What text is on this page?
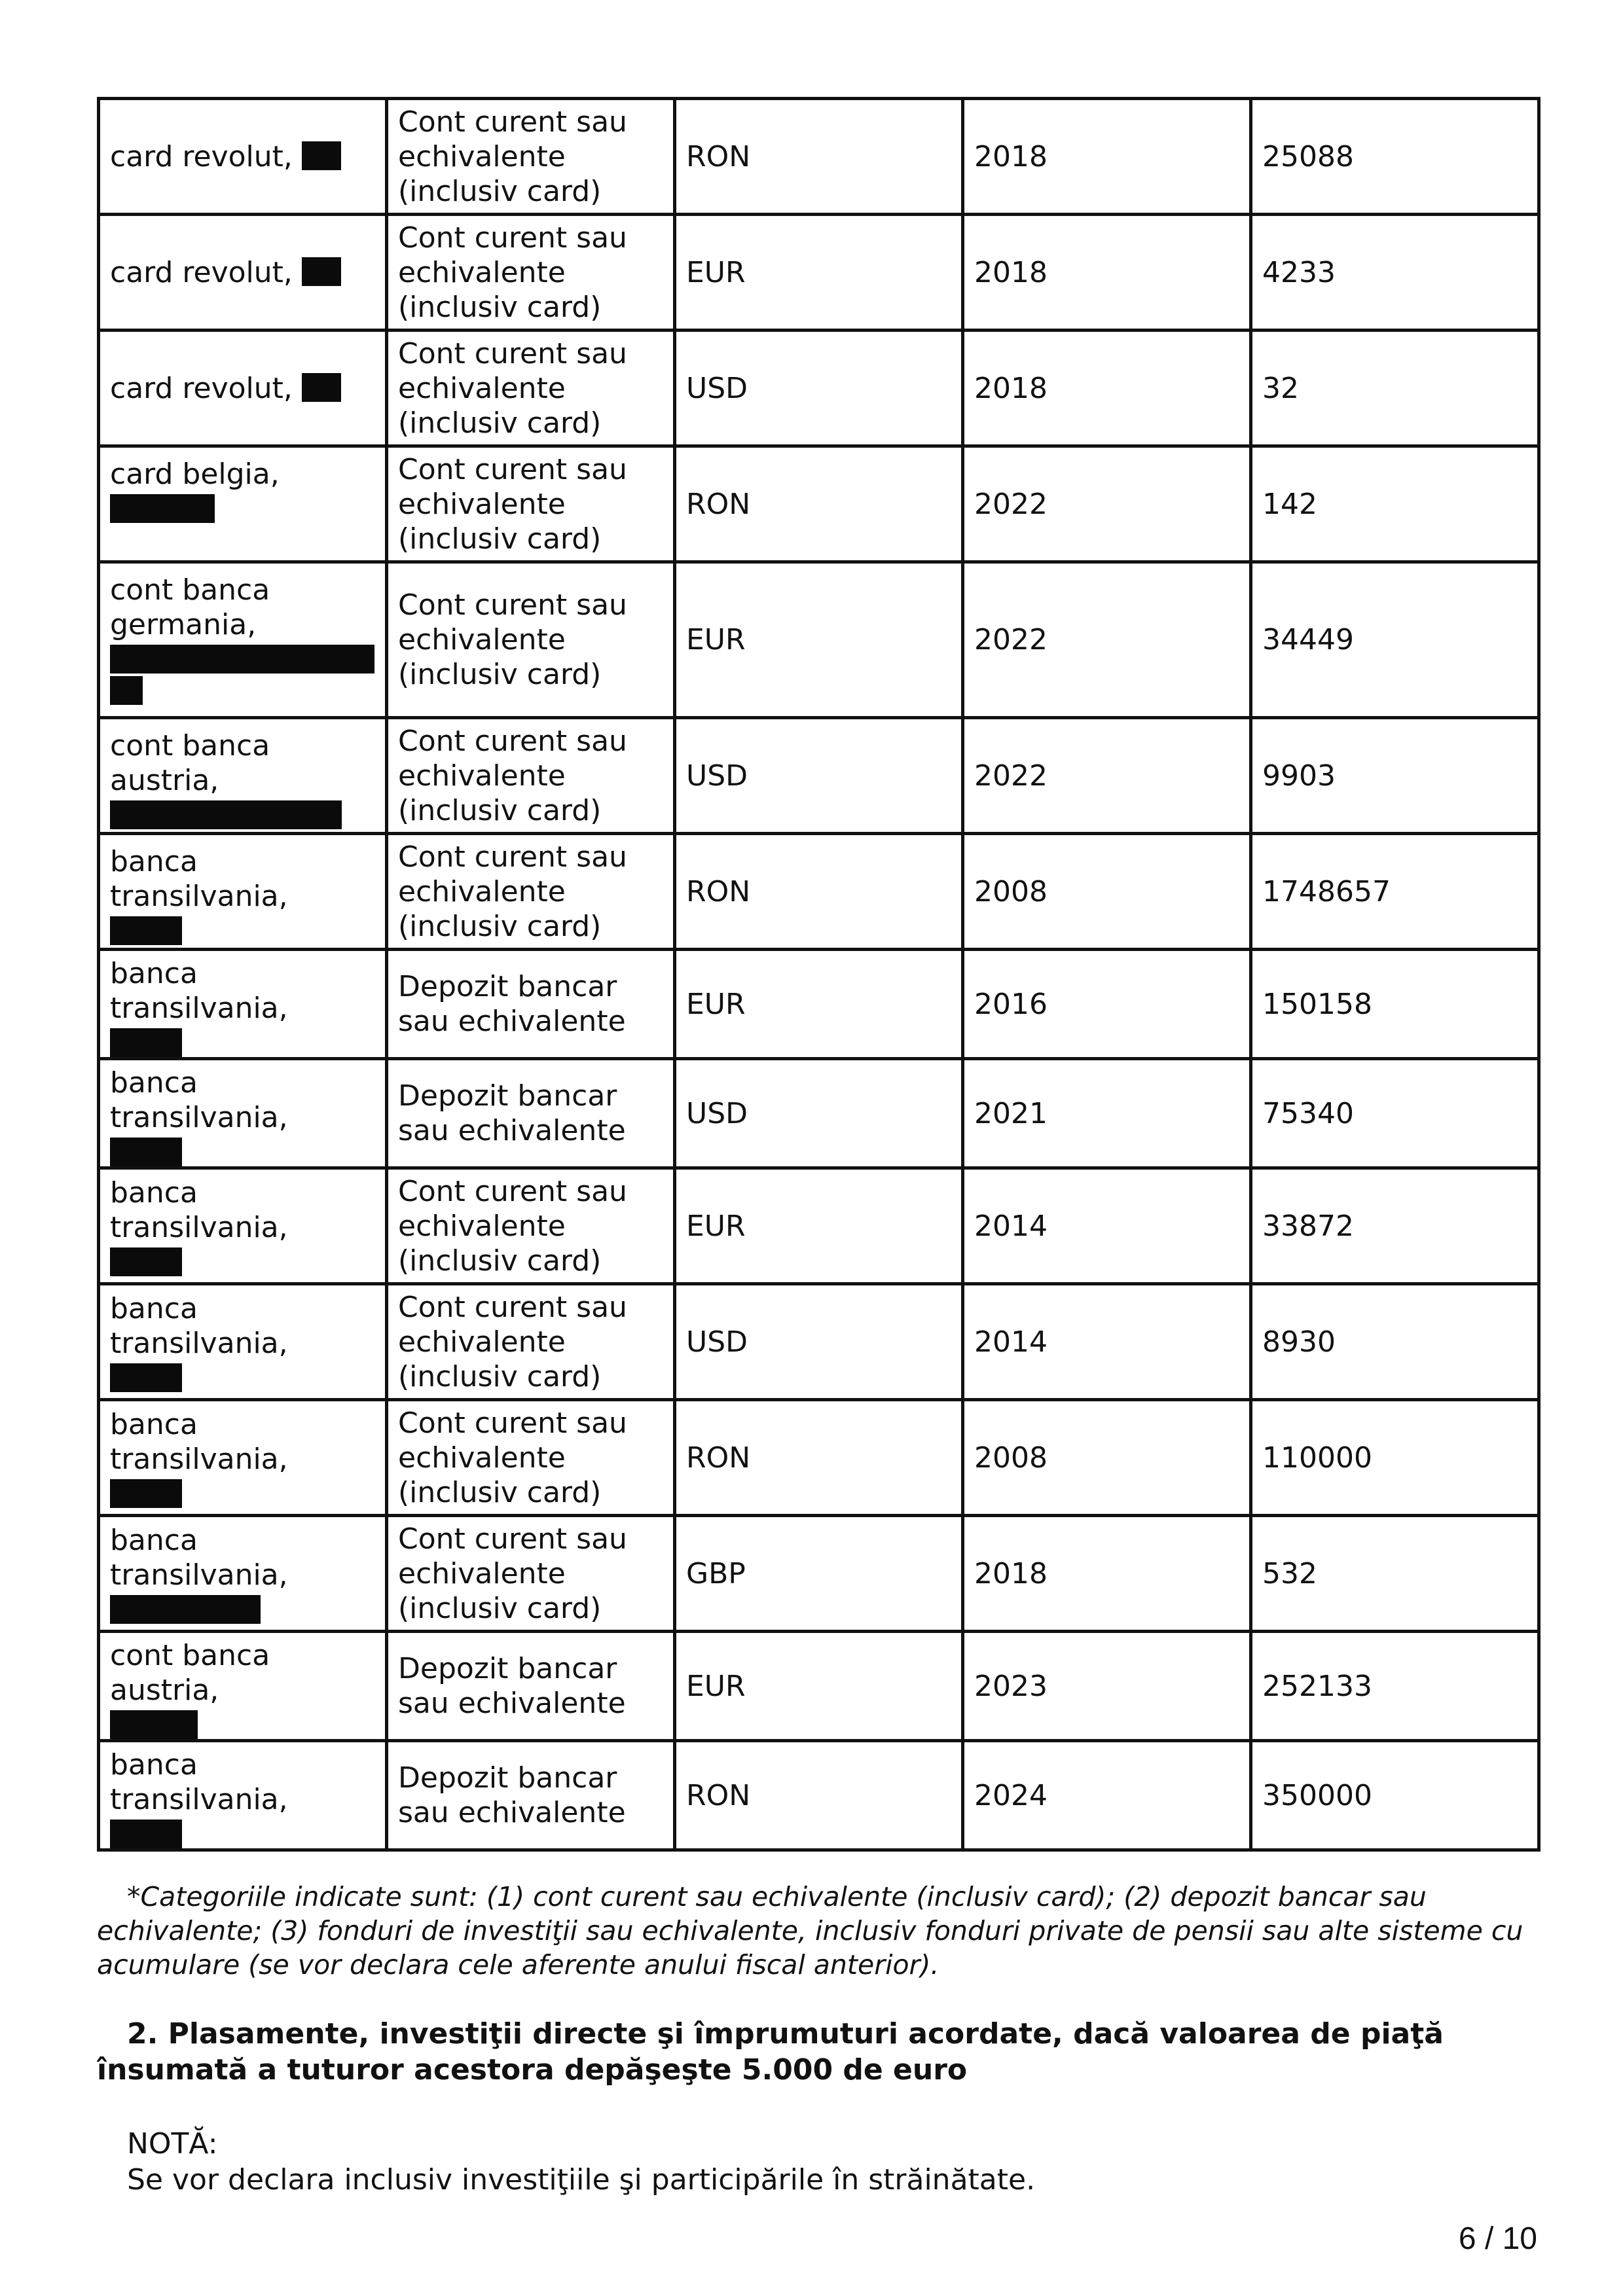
card revolut,	Cont curent sau echivalente (inclusiv card)	RON	2018	25088
card revolut,	Cont curent sau echivalente (inclusiv card)	EUR	2018	4233
card revolut,	Cont curent sau echivalente (inclusiv card)	USD	2018	32
card belgia,	Cont curent sau echivalente (inclusiv card)	RON	2022	142
cont banca germania,	Cont curent sau echivalente (inclusiv card)	EUR	2022	34449
cont banca austria,	Cont curent sau echivalente (inclusiv card)	USD	2022	9903
banca transilvania,	Cont curent sau echivalente (inclusiv card)	RON	2008	1748657
banca transilvania,	Depozit bancar sau echivalente	EUR	2016	150158
banca transilvania,	Depozit bancar sau echivalente	USD	2021	75340
banca transilvania,	Cont curent sau echivalente (inclusiv card)	EUR	2014	33872
banca transilvania,	Cont curent sau echivalente (inclusiv card)	USD	2014	8930
banca transilvania,	Cont curent sau echivalente (inclusiv card)	RON	2008	110000
banca transilvania,	Cont curent sau echivalente (inclusiv card)	GBP	2018	532
cont banca austria,	Depozit bancar sau echivalente	EUR	2023	252133
banca transilvania,	Depozit bancar sau echivalente	RON	2024	350000
*Categoriile indicate sunt: (1) cont curent sau echivalente (inclusiv card); (2) depozit bancar sau echivalente; (3) fonduri de investiţii sau echivalente, inclusiv fonduri private de pensii sau alte sisteme cu acumulare (se vor declara cele aferente anului fiscal anterior).
2. Plasamente, investiţii directe şi împrumuturi acordate, dacă valoarea de piaţă însumată a tuturor acestora depăşeşte 5.000 de euro
NOTĂ:
Se vor declara inclusiv investiţiile şi participările în străinătate.
6 / 10
